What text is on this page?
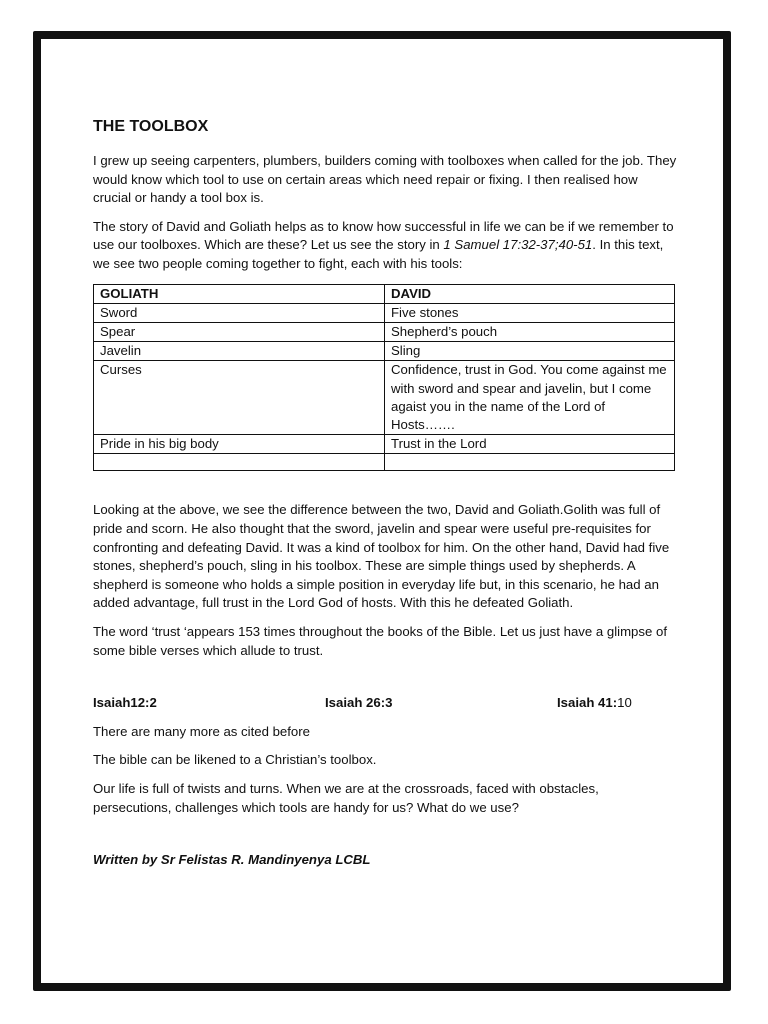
THE TOOLBOX

I grew up seeing carpenters, plumbers, builders coming with toolboxes when called for the job. They would know which tool to use on certain areas which need repair or fixing. I then realised how crucial or handy a tool box is.

The story of David and Goliath helps as to know how successful in life we can be if we remember to use our toolboxes. Which are these? Let us see the story in 1 Samuel 17:32-37;40-51. In this text, we see two people coming together to fight, each with his tools:

GOLIATH	DAVID
Sword	Five stones
Spear	Shepherd’s pouch
Javelin	Sling
Curses	Confidence, trust in God. You come against me with sword and spear and javelin, but I come agaist you in the name of the Lord of Hosts…….
Pride in his big body	Trust in the Lord

Looking at the above, we see the difference between the two, David and Goliath.Golith was full of pride and scorn. He also thought that the sword, javelin and spear were useful pre-requisites for confronting and defeating David. It was a kind of toolbox for him. On the other hand, David had five stones, shepherd’s pouch, sling in his toolbox. These are simple things used by shepherds. A shepherd is someone who holds a simple position in everyday life but, in this scenario, he had an added advantage, full trust in the Lord God of hosts. With this he defeated Goliath.

The word ‘trust ‘appears 153 times throughout the books of the Bible. Let us just have a glimpse of some bible verses which allude to trust.

Isaiah12:2	Isaiah 26:3	Isaiah 41:10

There are many more as cited before

The bible can be likened to a Christian’s toolbox.

Our life is full of twists and turns. When we are at the crossroads, faced with obstacles, persecutions, challenges which tools are handy for us? What do we use?

Written by Sr Felistas R. Mandinyenya LCBL
